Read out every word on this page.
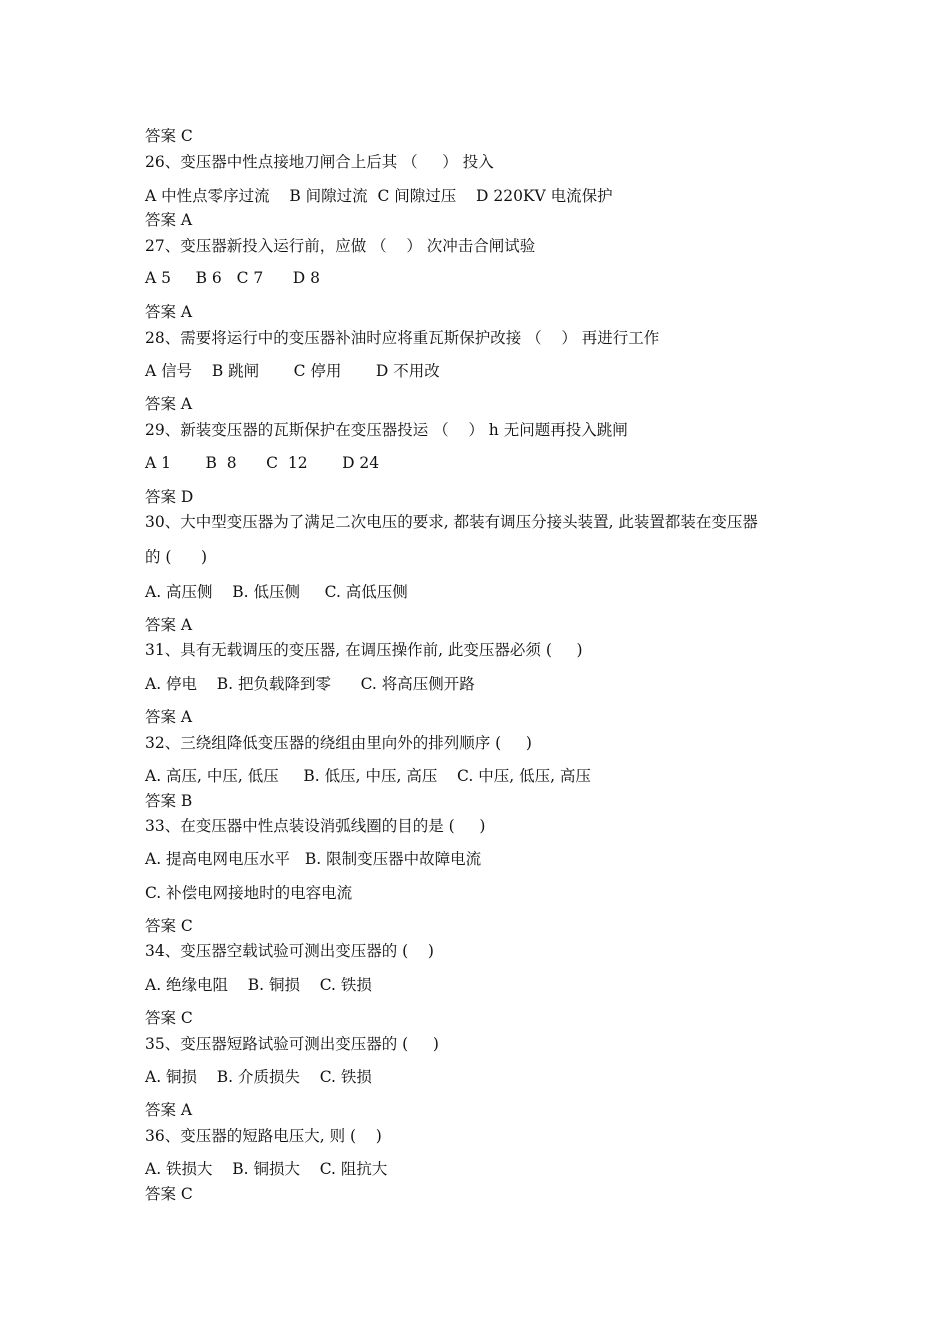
答案 C
26、变压器中性点接地刀闸合上后其 （     ） 投入
A 中性点零序过流    B 间隙过流  C 间隙过压    D 220KV 电流保护
答案 A
27、变压器新投入运行前，应做 （    ） 次冲击合闸试验
A 5     B 6   C 7      D 8
答案 A
28、需要将运行中的变压器补油时应将重瓦斯保护改接 （    ） 再进行工作
A 信号    B 跳闸       C 停用       D 不用改
答案 A
29、新装变压器的瓦斯保护在变压器投运 （    ） h 无问题再投入跳闸
A 1       B  8      C  12       D 24
答案 D
30、大中型变压器为了满足二次电压的要求, 都装有调压分接头装置, 此装置都装在变压器
的 (      )
A. 高压侧    B. 低压侧     C. 高低压侧
答案 A
31、具有无载调压的变压器, 在调压操作前, 此变压器必须 (     )
A. 停电    B. 把负载降到零      C. 将高压侧开路
答案 A
32、三绕组降低变压器的绕组由里向外的排列顺序 (     )
A. 高压, 中压, 低压     B. 低压, 中压, 高压    C. 中压, 低压, 高压
答案 B
33、在变压器中性点装设消弧线圈的目的是 (     )
A. 提高电网电压水平   B. 限制变压器中故障电流
C. 补偿电网接地时的电容电流
答案 C
34、变压器空载试验可测出变压器的 (    )
A. 绝缘电阻    B. 铜损    C. 铁损
答案 C
35、变压器短路试验可测出变压器的 (     )
A. 铜损    B. 介质损失    C. 铁损
答案 A
36、变压器的短路电压大, 则 (    )
A. 铁损大    B. 铜损大    C. 阻抗大
答案 C
